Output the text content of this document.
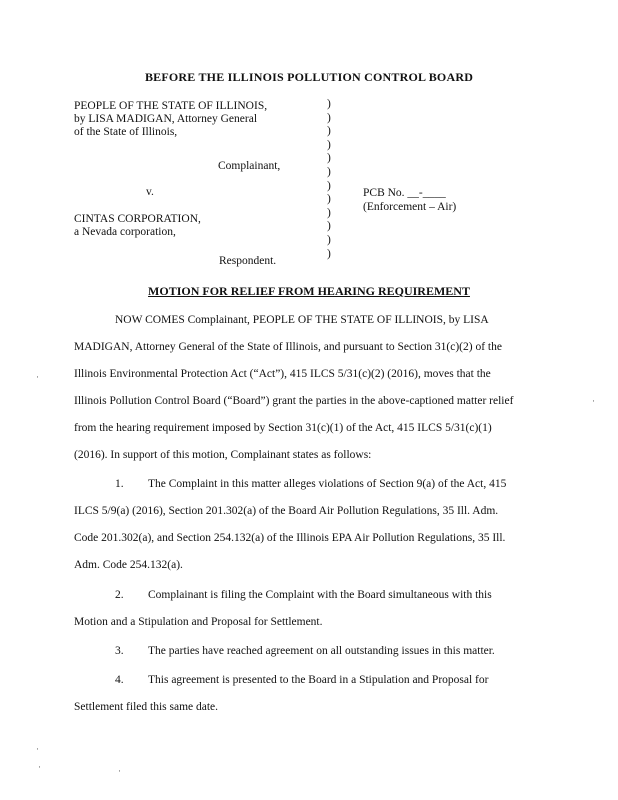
BEFORE THE ILLINOIS POLLUTION CONTROL BOARD
PEOPLE OF THE STATE OF ILLINOIS,
by LISA MADIGAN, Attorney General
of the State of Illinois,
Complainant,
v.
CINTAS CORPORATION,
a Nevada corporation,
Respondent.
)
)
)
)
)
)
)
)
)
)
)
)
PCB No. __-____
(Enforcement – Air)
MOTION FOR RELIEF FROM HEARING REQUIREMENT
NOW COMES Complainant, PEOPLE OF THE STATE OF ILLINOIS, by LISA
MADIGAN, Attorney General of the State of Illinois, and pursuant to Section 31(c)(2) of the
Illinois Environmental Protection Act (“Act”), 415 ILCS 5/31(c)(2) (2016), moves that the
Illinois Pollution Control Board (“Board”) grant the parties in the above-captioned matter relief
from the hearing requirement imposed by Section 31(c)(1) of the Act, 415 ILCS 5/31(c)(1)
(2016). In support of this motion, Complainant states as follows:
1. The Complaint in this matter alleges violations of Section 9(a) of the Act, 415
ILCS 5/9(a) (2016), Section 201.302(a) of the Board Air Pollution Regulations, 35 Ill. Adm.
Code 201.302(a), and Section 254.132(a) of the Illinois EPA Air Pollution Regulations, 35 Ill.
Adm. Code 254.132(a).
2. Complainant is filing the Complaint with the Board simultaneous with this
Motion and a Stipulation and Proposal for Settlement.
3. The parties have reached agreement on all outstanding issues in this matter.
4. This agreement is presented to the Board in a Stipulation and Proposal for
Settlement filed this same date.
·
·
·
·	·
